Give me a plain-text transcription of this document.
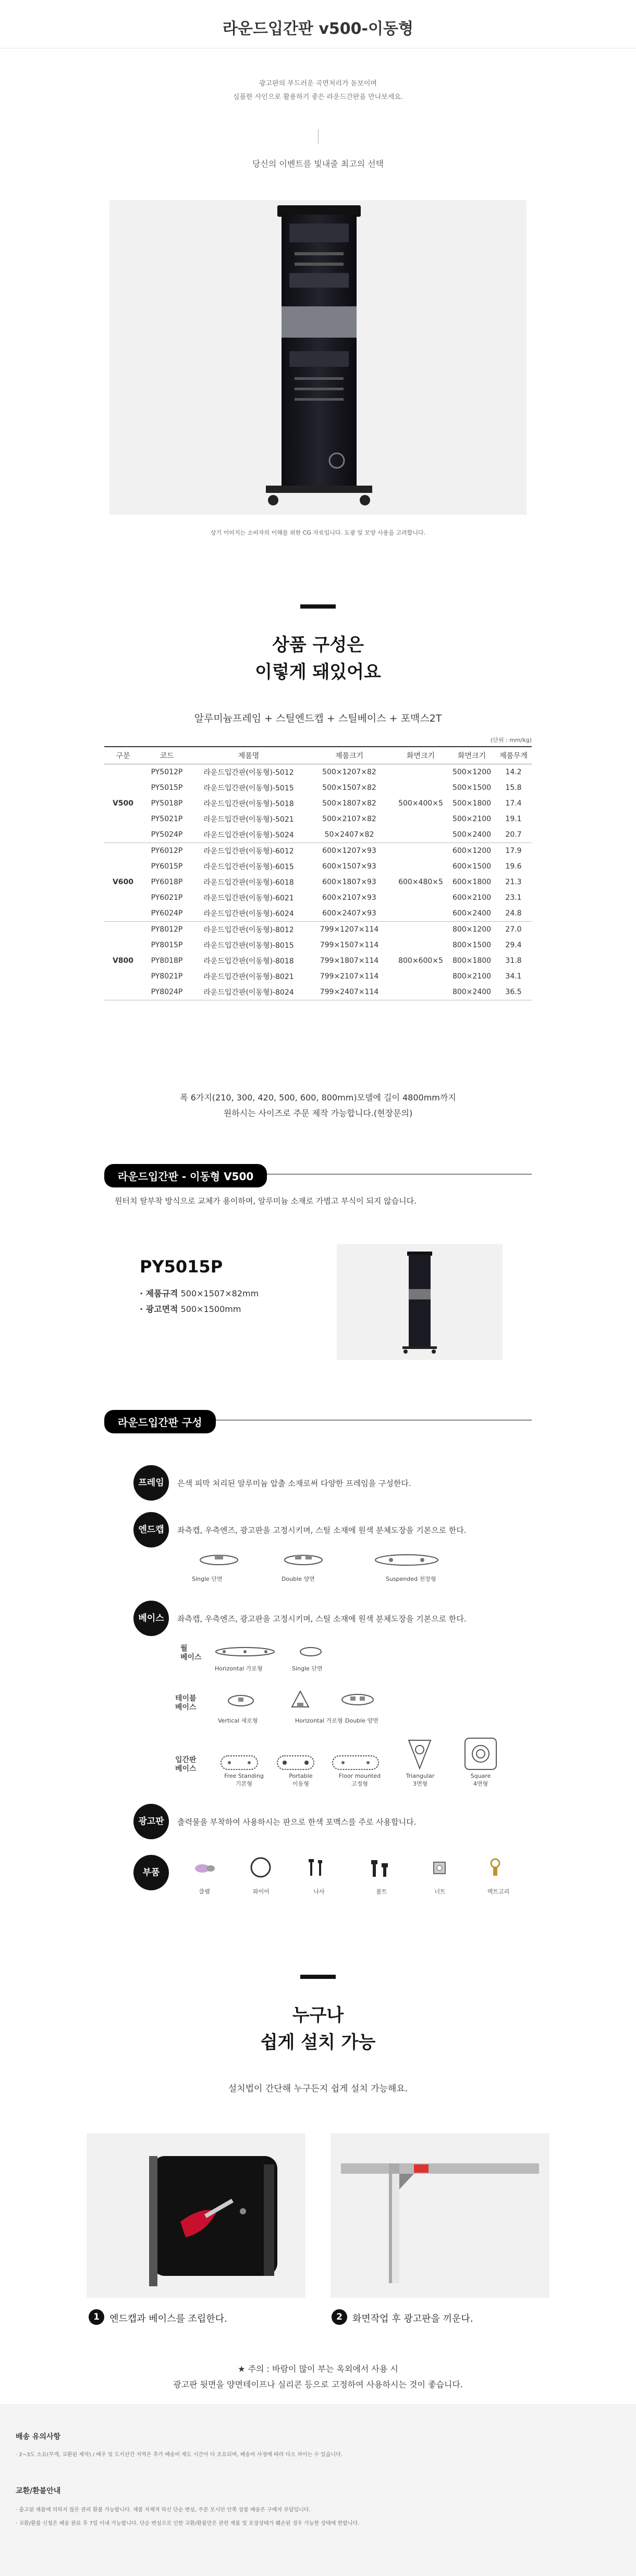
라운드입간판 v500-이동형
광고판의 부드러운 곡면처리가 돋보이며
심플한 사인으로 활용하기 좋은 라운드간판을 만나보세요.
당신의 이벤트를 빛내줄 최고의 선택
상기 이미지는 소비자의 이해를 위한 CG 자료입니다. 도광 및 모양 사용을 고려합니다.
상품 구성은
이렇게 돼있어요
알루미늄프레임 + 스틸엔드캡 + 스틸베이스 + 포맥스2T
(단위 : mm/kg)
구분	코드	제품명	제품크기	화면크기	화면크기	제품무게
V500	PY5012P	라운드입간판(이동형)-5012	500×1207×82	500×400×5	500×1200	14.2
	PY5015P	라운드입간판(이동형)-5015	500×1507×82		500×1500	15.8
	PY5018P	라운드입간판(이동형)-5018	500×1807×82		500×1800	17.4
	PY5021P	라운드입간판(이동형)-5021	500×2107×82		500×2100	19.1
	PY5024P	라운드입간판(이동형)-5024	50×2407×82		500×2400	20.7
V600	PY6012P	라운드입간판(이동형)-6012	600×1207×93	600×480×5	600×1200	17.9
	PY6015P	라운드입간판(이동형)-6015	600×1507×93		600×1500	19.6
	PY6018P	라운드입간판(이동형)-6018	600×1807×93		600×1800	21.3
	PY6021P	라운드입간판(이동형)-6021	600×2107×93		600×2100	23.1
	PY6024P	라운드입간판(이동형)-6024	600×2407×93		600×2400	24.8
V800	PY8012P	라운드입간판(이동형)-8012	799×1207×114	800×600×5	800×1200	27.0
	PY8015P	라운드입간판(이동형)-8015	799×1507×114		800×1500	29.4
	PY8018P	라운드입간판(이동형)-8018	799×1807×114		800×1800	31.8
	PY8021P	라운드입간판(이동형)-8021	799×2107×114		800×2100	34.1
	PY8024P	라운드입간판(이동형)-8024	799×2407×114		800×2400	36.5
폭 6가지(210, 300, 420, 500, 600, 800mm)모델에 길이 4800mm까지
원하시는 사이즈로 주문 제작 가능합니다.(현장문의)
라운드입간판 - 이동형 V500
원터치 탈부착 방식으로 교체가 용이하며, 알루미늄 소재로 가볍고 부식이 되지 않습니다.
PY5015P
· 제품규격 500×1507×82mm
· 광고면적 500×1500mm
라운드입간판 구성
프레임	은색 피막 처리된 알루미늄 압출 소재로써 다양한 프레임을 구성한다.
엔드캡	좌측캡, 우측엔즈, 광고판을 고정시키며, 스틸 소재에 원색 분체도장을 기본으로 한다.
Single 단면	Double 양면	Suspended 천장형
베이스	좌측캡, 우측엔즈, 광고판을 고정시키며, 스틸 소재에 원색 분체도장을 기본으로 한다.
월
베이스
Horizontal 가로형	Single 단면
테이블
베이스
Vertical 세로형	Horizontal 가로형 Double 양면
입간판
베이스
Free Standing
기본형
Portable
이동형
Floor mounted
고정형
Triangular
3면형
Square
4면형
광고판	출력물을 부착하여 사용하시는 판으로 한색 포맥스를 주로 사용합니다.
부품
클램	와이어	나사	볼트	너트	렉트고리
누구나
쉽게 설치 가능
설치법이 간단해 누구든지 쉽게 설치 가능해요.
1	엔드캡과 베이스를 조립한다.	2	화면작업 후 광고판을 끼운다.
★ 주의 : 바람이 많이 부는 옥외에서 사용 시
광고판 뒷면을 양면테이프나 실리콘 등으로 고정하여 사용하시는 것이 좋습니다.
배송 유의사항
· 2~3도 소요(무게, 교환된 제작) / 배우 및 도서산간 지역은 추가 배송비 제도 시간이 다 조요되며, 배송비 사정에 따라 다소 차이는 수 있습니다.
교환/환불안내
· 출고된 제품에 의하지 않은 관리 환불 가능합니다. 제품 자체적 하신 단순 변심, 주문 모시던 안쪽 상품 배송은 구매자 부담입니다.
· 교환/환불 신청은 배송 완료 후 7일 이내 가능합니다. 단순 변심으로 인한 교환/환불만은 관련 제품 및 포장상태가 훼손된 경우 가능한 상태에 한합니다.
